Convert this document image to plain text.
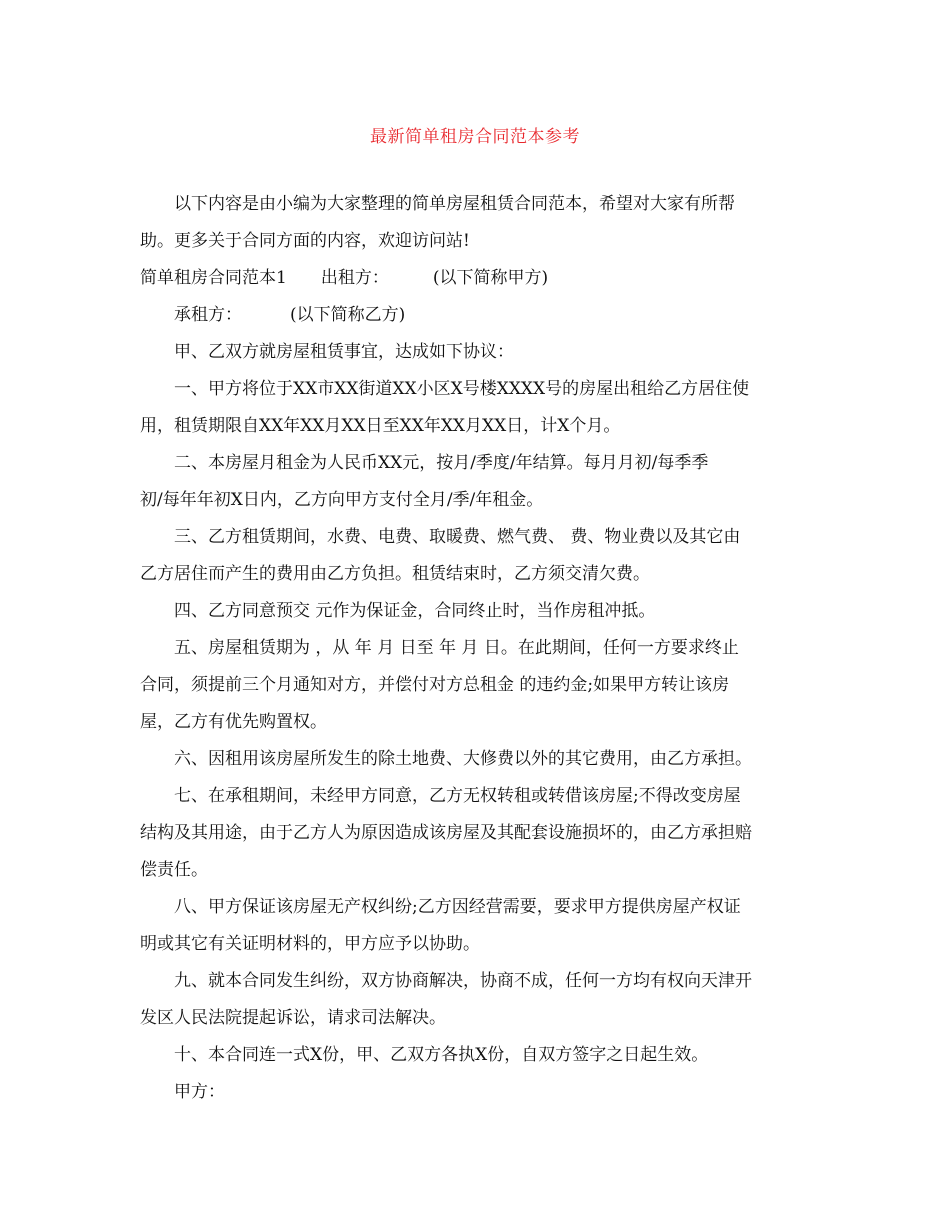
最新简单租房合同范本参考
以下内容是由小编为大家整理的简单房屋租赁合同范本，希望对大家有所帮
助。更多关于合同方面的内容，欢迎访问站!
简单租房合同范本1 出租方：	(以下简称甲方)
承租方：	(以下简称乙方)
甲、乙双方就房屋租赁事宜，达成如下协议：
一、甲方将位于XX市XX街道XX小区X号楼XXXX号的房屋出租给乙方居住使
用，租赁期限自XX年XX月XX日至XX年XX月XX日，计X个月。
二、本房屋月租金为人民币XX元，按月/季度/年结算。每月月初/每季季
初/每年年初X日内，乙方向甲方支付全月/季/年租金。
三、乙方租赁期间，水费、电费、取暖费、燃气费、 费、物业费以及其它由
乙方居住而产生的费用由乙方负担。租赁结束时，乙方须交清欠费。
四、乙方同意预交 元作为保证金，合同终止时，当作房租冲抵。
五、房屋租赁期为 ，从 年 月 日至 年 月 日。在此期间，任何一方要求终止
合同，须提前三个月通知对方，并偿付对方总租金 的违约金;如果甲方转让该房
屋，乙方有优先购置权。
六、因租用该房屋所发生的除土地费、大修费以外的其它费用，由乙方承担。
七、在承租期间，未经甲方同意，乙方无权转租或转借该房屋;不得改变房屋
结构及其用途，由于乙方人为原因造成该房屋及其配套设施损坏的，由乙方承担赔
偿责任。
八、甲方保证该房屋无产权纠纷;乙方因经营需要，要求甲方提供房屋产权证
明或其它有关证明材料的，甲方应予以协助。
九、就本合同发生纠纷，双方协商解决，协商不成，任何一方均有权向天津开
发区人民法院提起诉讼，请求司法解决。
十、本合同连一式X份，甲、乙双方各执X份，自双方签字之日起生效。
甲方：
